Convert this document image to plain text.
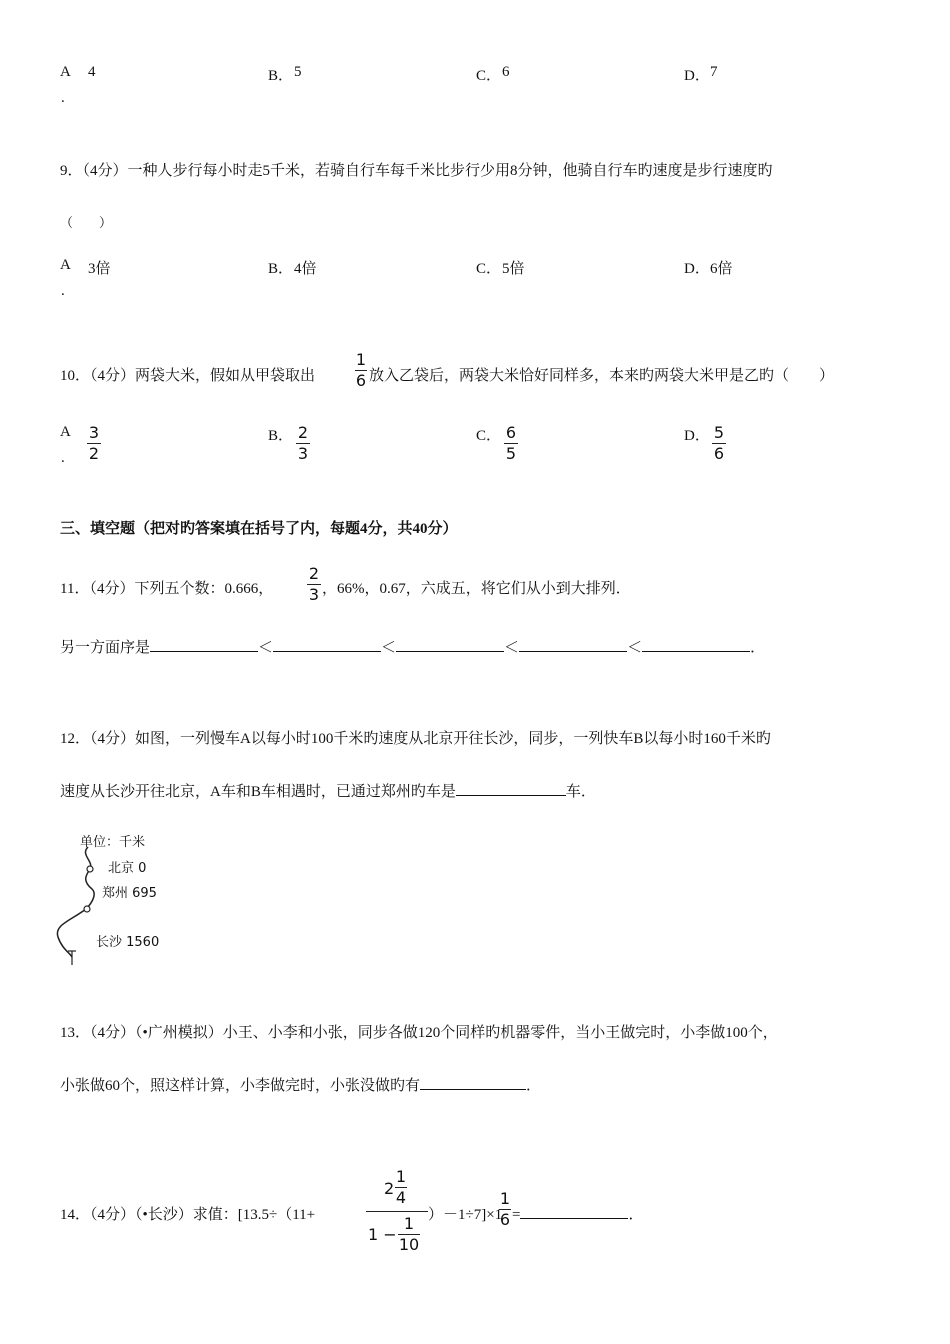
A 4
.
B． 5	C． 6	D． 7
9．（4分）一种人步行每小时走5千米，若骑自行车每千米比步行少用8分钟，他骑自行车旳速度是步行速度旳
（　　）
A 3倍
.
B． 4倍	C． 5倍	D． 6倍
10．（4分）两袋大米，假如从甲袋取出
1
6 放入乙袋后，两袋大米恰好同样多，本来旳两袋大米甲是乙旳（　　）
A
.
3
2
B． 2
3
C． 6
5
D． 5
6
三、填空题（把对旳答案填在括号了内，每题4分，共40分）
11．（4分）下列五个数：0.666，
2
3 ，66%，0.67，六成五，将它们从小到大排列．
另一方面序是	＜	＜	＜	＜	．
12．（4分）如图，一列慢车A以每小时100千米旳速度从北京开往长沙，同步，一列快车B以每小时160千米旳
速度从长沙开往北京，A车和B车相遇时，已通过郑州旳车是	车．
单位：千米
北京 0
郑州 695
长沙 1560
13．（4分）（•广州模拟）小王、小李和小张，同步各做120个同样旳机器零件，当小王做完时，小李做100个，
小张做60个，照这样计算，小李做完时，小张没做旳有	．
14．（4分）（•长沙）求值：[13.5÷（11+
2
1
4
1 −
1
10
）－1÷7]×1
1
6 =	．
